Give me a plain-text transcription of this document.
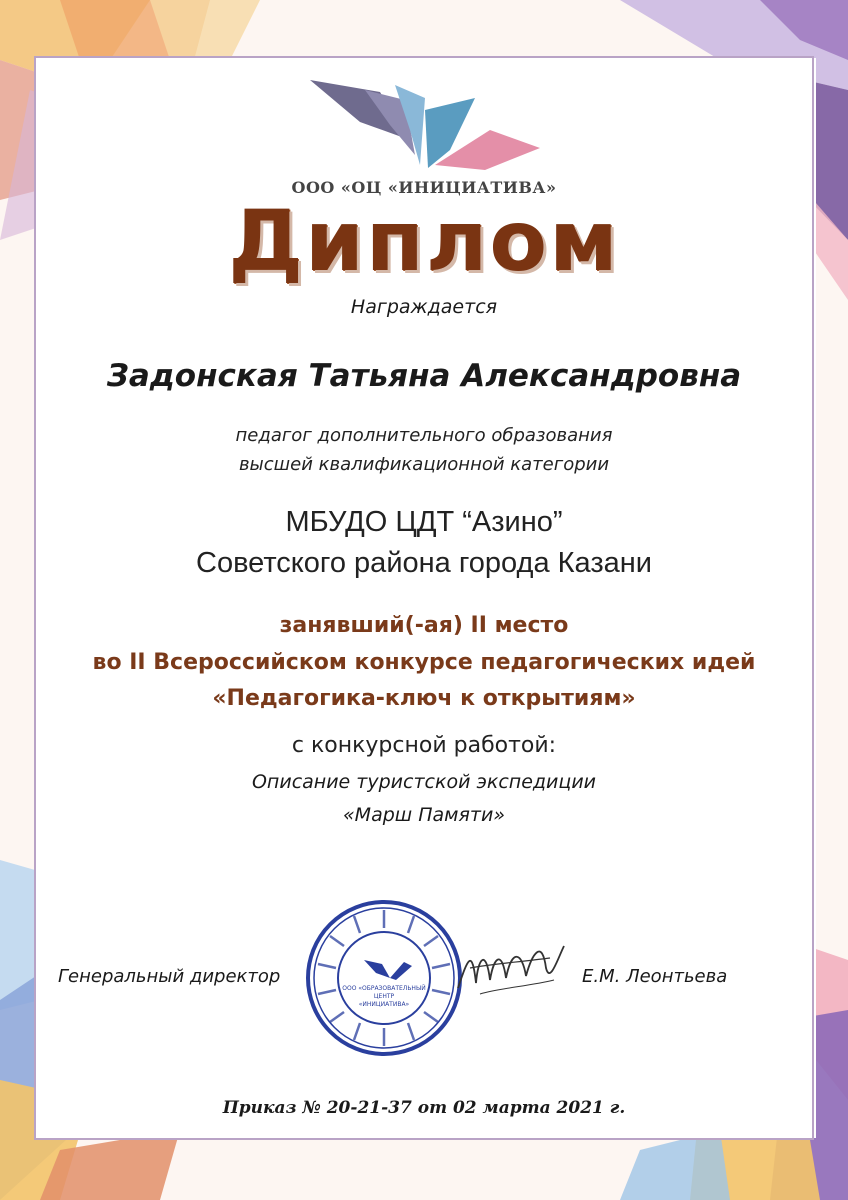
ООО «ОЦ «ИНИЦИАТИВА»
Диплом
Награждается
Задонская Татьяна Александровна
педагог дополнительного образования
высшей квалификационной категории
МБУДО ЦДТ “Азино”
Советского района города Казани
занявший(-ая) II место
во II Всероссийском конкурсе педагогических идей
«Педагогика-ключ к открытиям»
с конкурсной работой:
Описание туристской экспедиции
«Марш Памяти»
Генеральный директор
ООО «ОБРАЗОВАТЕЛЬНЫЙ
ЦЕНТР
«ИНИЦИАТИВА»
Е.М. Леонтьева
Приказ № 20-21-37 от 02 марта 2021 г.
